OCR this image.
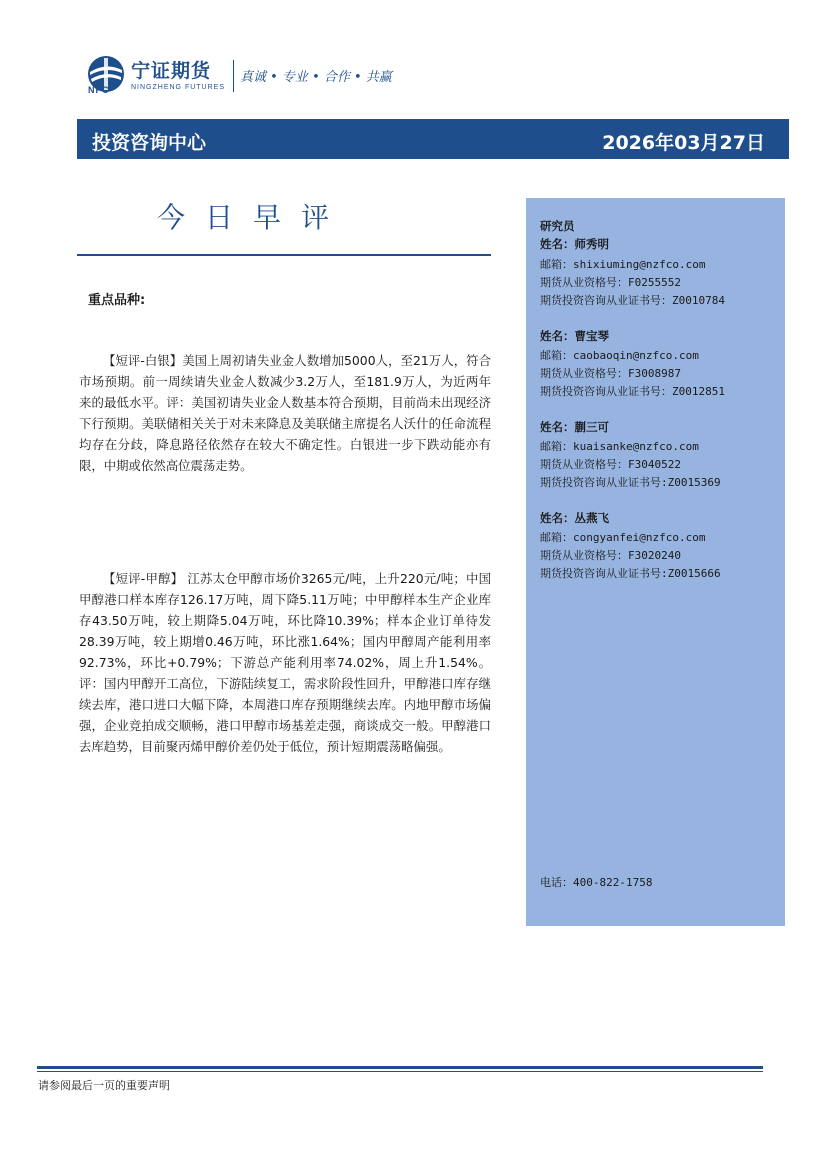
NFC
宁证期货
NINGZHENG FUTURES
真诚 • 专业 • 合作 • 共赢
投资咨询中心	2026年03月27日
今日早评
重点品种:
【短评-白银】美国上周初请失业金人数增加5000人，至21万人，符合市场预期。前一周续请失业金人数减少3.2万人，至181.9万人，为近两年来的最低水平。评：美国初请失业金人数基本符合预期，目前尚未出现经济下行预期。美联储相关关于对未来降息及美联储主席提名人沃什的任命流程均存在分歧，降息路径依然存在较大不确定性。白银进一步下跌动能亦有限，中期或依然高位震荡走势。
【短评-甲醇】 江苏太仓甲醇市场价3265元/吨，上升220元/吨；中国甲醇港口样本库存126.17万吨，周下降5.11万吨；中甲醇样本生产企业库存43.50万吨，较上期降5.04万吨，环比降10.39%；样本企业订单待发28.39万吨，较上期增0.46万吨，环比涨1.64%；国内甲醇周产能利用率92.73%，环比+0.79%；下游总产能利用率74.02%，周上升1.54%。评：国内甲醇开工高位，下游陆续复工，需求阶段性回升，甲醇港口库存继续去库，港口进口大幅下降，本周港口库存预期继续去库。内地甲醇市场偏强，企业竞拍成交顺畅，港口甲醇市场基差走强，商谈成交一般。甲醇港口去库趋势，目前聚丙烯甲醇价差仍处于低位，预计短期震荡略偏强。
研究员
姓名：师秀明
邮箱：shixiuming@nzfco.com
期货从业资格号：F0255552
期货投资咨询从业证书号：Z0010784
姓名：曹宝琴
邮箱：caobaoqin@nzfco.com
期货从业资格号：F3008987
期货投资咨询从业证书号：Z0012851
姓名：蒯三可
邮箱：kuaisanke@nzfco.com
期货从业资格号：F3040522
期货投资咨询从业证书号:Z0015369
姓名：丛燕飞
邮箱：congyanfei@nzfco.com
期货从业资格号：F3020240
期货投资咨询从业证书号:Z0015666
电话：400-822-1758
请参阅最后一页的重要声明
